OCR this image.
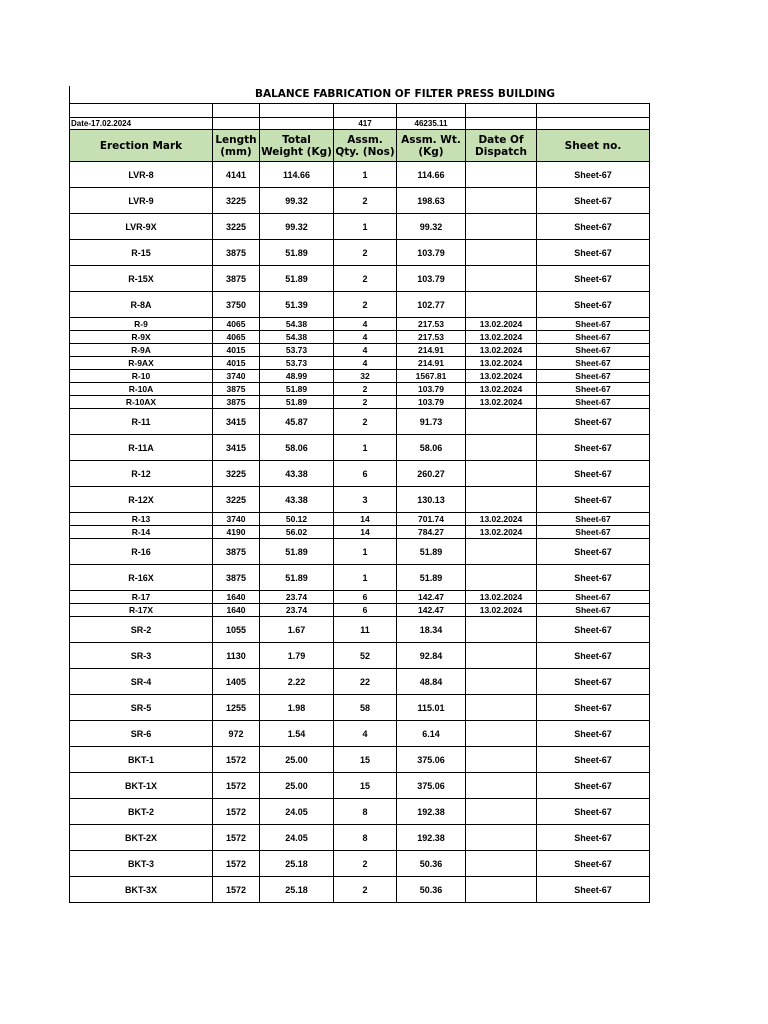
BALANCE FABRICATION OF FILTER PRESS BUILDING

Date-17.02.2024			417	46235.11		
Erection Mark	Length (mm)	Total Weight (Kg)	Assm. Qty. (Nos)	Assm. Wt. (Kg)	Date Of Dispatch	Sheet no.
LVR-8	4141	114.66	1	114.66		Sheet-67
LVR-9	3225	99.32	2	198.63		Sheet-67
LVR-9X	3225	99.32	1	99.32		Sheet-67
R-15	3875	51.89	2	103.79		Sheet-67
R-15X	3875	51.89	2	103.79		Sheet-67
R-8A	3750	51.39	2	102.77		Sheet-67
R-9	4065	54.38	4	217.53	13.02.2024	Sheet-67
R-9X	4065	54.38	4	217.53	13.02.2024	Sheet-67
R-9A	4015	53.73	4	214.91	13.02.2024	Sheet-67
R-9AX	4015	53.73	4	214.91	13.02.2024	Sheet-67
R-10	3740	48.99	32	1567.81	13.02.2024	Sheet-67
R-10A	3875	51.89	2	103.79	13.02.2024	Sheet-67
R-10AX	3875	51.89	2	103.79	13.02.2024	Sheet-67
R-11	3415	45.87	2	91.73		Sheet-67
R-11A	3415	58.06	1	58.06		Sheet-67
R-12	3225	43.38	6	260.27		Sheet-67
R-12X	3225	43.38	3	130.13		Sheet-67
R-13	3740	50.12	14	701.74	13.02.2024	Sheet-67
R-14	4190	56.02	14	784.27	13.02.2024	Sheet-67
R-16	3875	51.89	1	51.89		Sheet-67
R-16X	3875	51.89	1	51.89		Sheet-67
R-17	1640	23.74	6	142.47	13.02.2024	Sheet-67
R-17X	1640	23.74	6	142.47	13.02.2024	Sheet-67
SR-2	1055	1.67	11	18.34		Sheet-67
SR-3	1130	1.79	52	92.84		Sheet-67
SR-4	1405	2.22	22	48.84		Sheet-67
SR-5	1255	1.98	58	115.01		Sheet-67
SR-6	972	1.54	4	6.14		Sheet-67
BKT-1	1572	25.00	15	375.06		Sheet-67
BKT-1X	1572	25.00	15	375.06		Sheet-67
BKT-2	1572	24.05	8	192.38		Sheet-67
BKT-2X	1572	24.05	8	192.38		Sheet-67
BKT-3	1572	25.18	2	50.36		Sheet-67
BKT-3X	1572	25.18	2	50.36		Sheet-67
